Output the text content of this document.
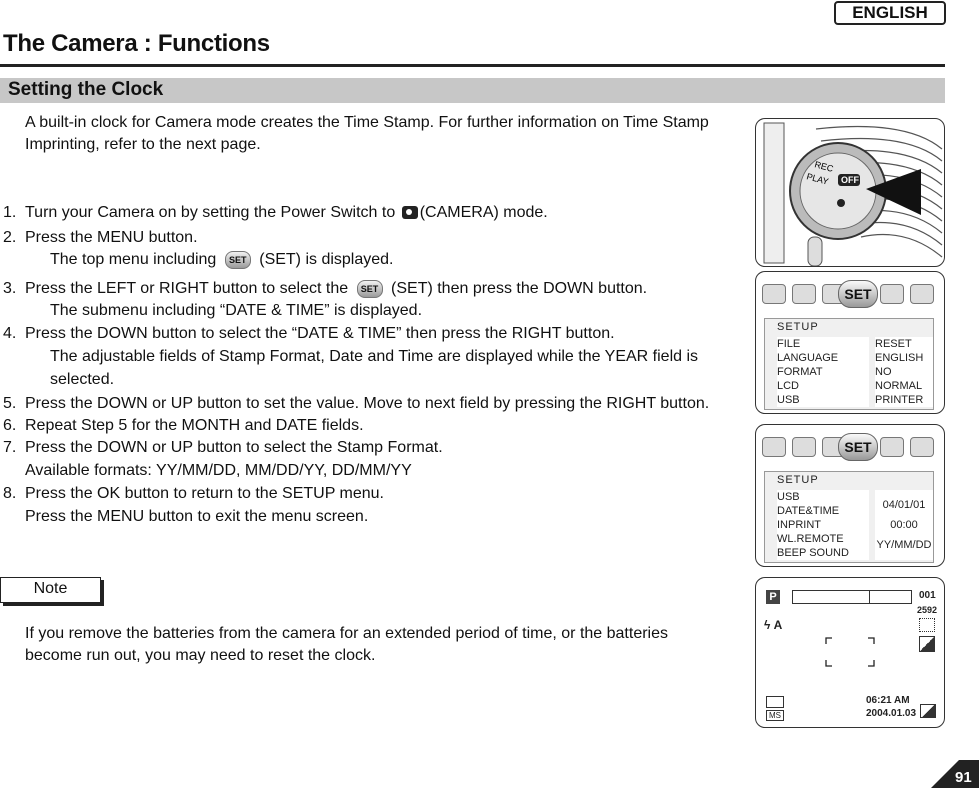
ENGLISH
The Camera : Functions
Setting the Clock
A built-in clock for Camera mode creates the Time Stamp. For further information on Time Stamp
Imprinting, refer to the next page.
1. Turn your Camera on by setting the Power Switch to (CAMERA) mode.
2. Press the MENU button.
The top menu including SET (SET) is displayed.
3. Press the LEFT or RIGHT button to select the SET (SET) then press the DOWN button.
The submenu including “DATE & TIME” is displayed.
4. Press the DOWN button to select the “DATE & TIME” then press the RIGHT button.
The adjustable fields of Stamp Format, Date and Time are displayed while the YEAR field is
selected.
5. Press the DOWN or UP button to set the value. Move to next field by pressing the RIGHT button.
6. Repeat Step 5 for the MONTH and DATE fields.
7. Press the DOWN or UP button to select the Stamp Format.
Available formats: YY/MM/DD, MM/DD/YY, DD/MM/YY
8. Press the OK button to return to the SETUP menu.
Press the MENU button to exit the menu screen.
Note
If you remove the batteries from the camera for an extended period of time, or the batteries
become run out, you may need to reset the clock.
REC
PLAY OFF
SET
SETUP
FILE
LANGUAGE
FORMAT
LCD
USB
RESET
ENGLISH
NO
NORMAL
PRINTER
SET
SETUP
USB
DATE&TIME
INPRINT
WL.REMOTE
BEEP SOUND
04/01/01
00:00
YY/MM/DD
P	001
2592
ϟ A
MS
06:21 AM
2004.01.03
91
